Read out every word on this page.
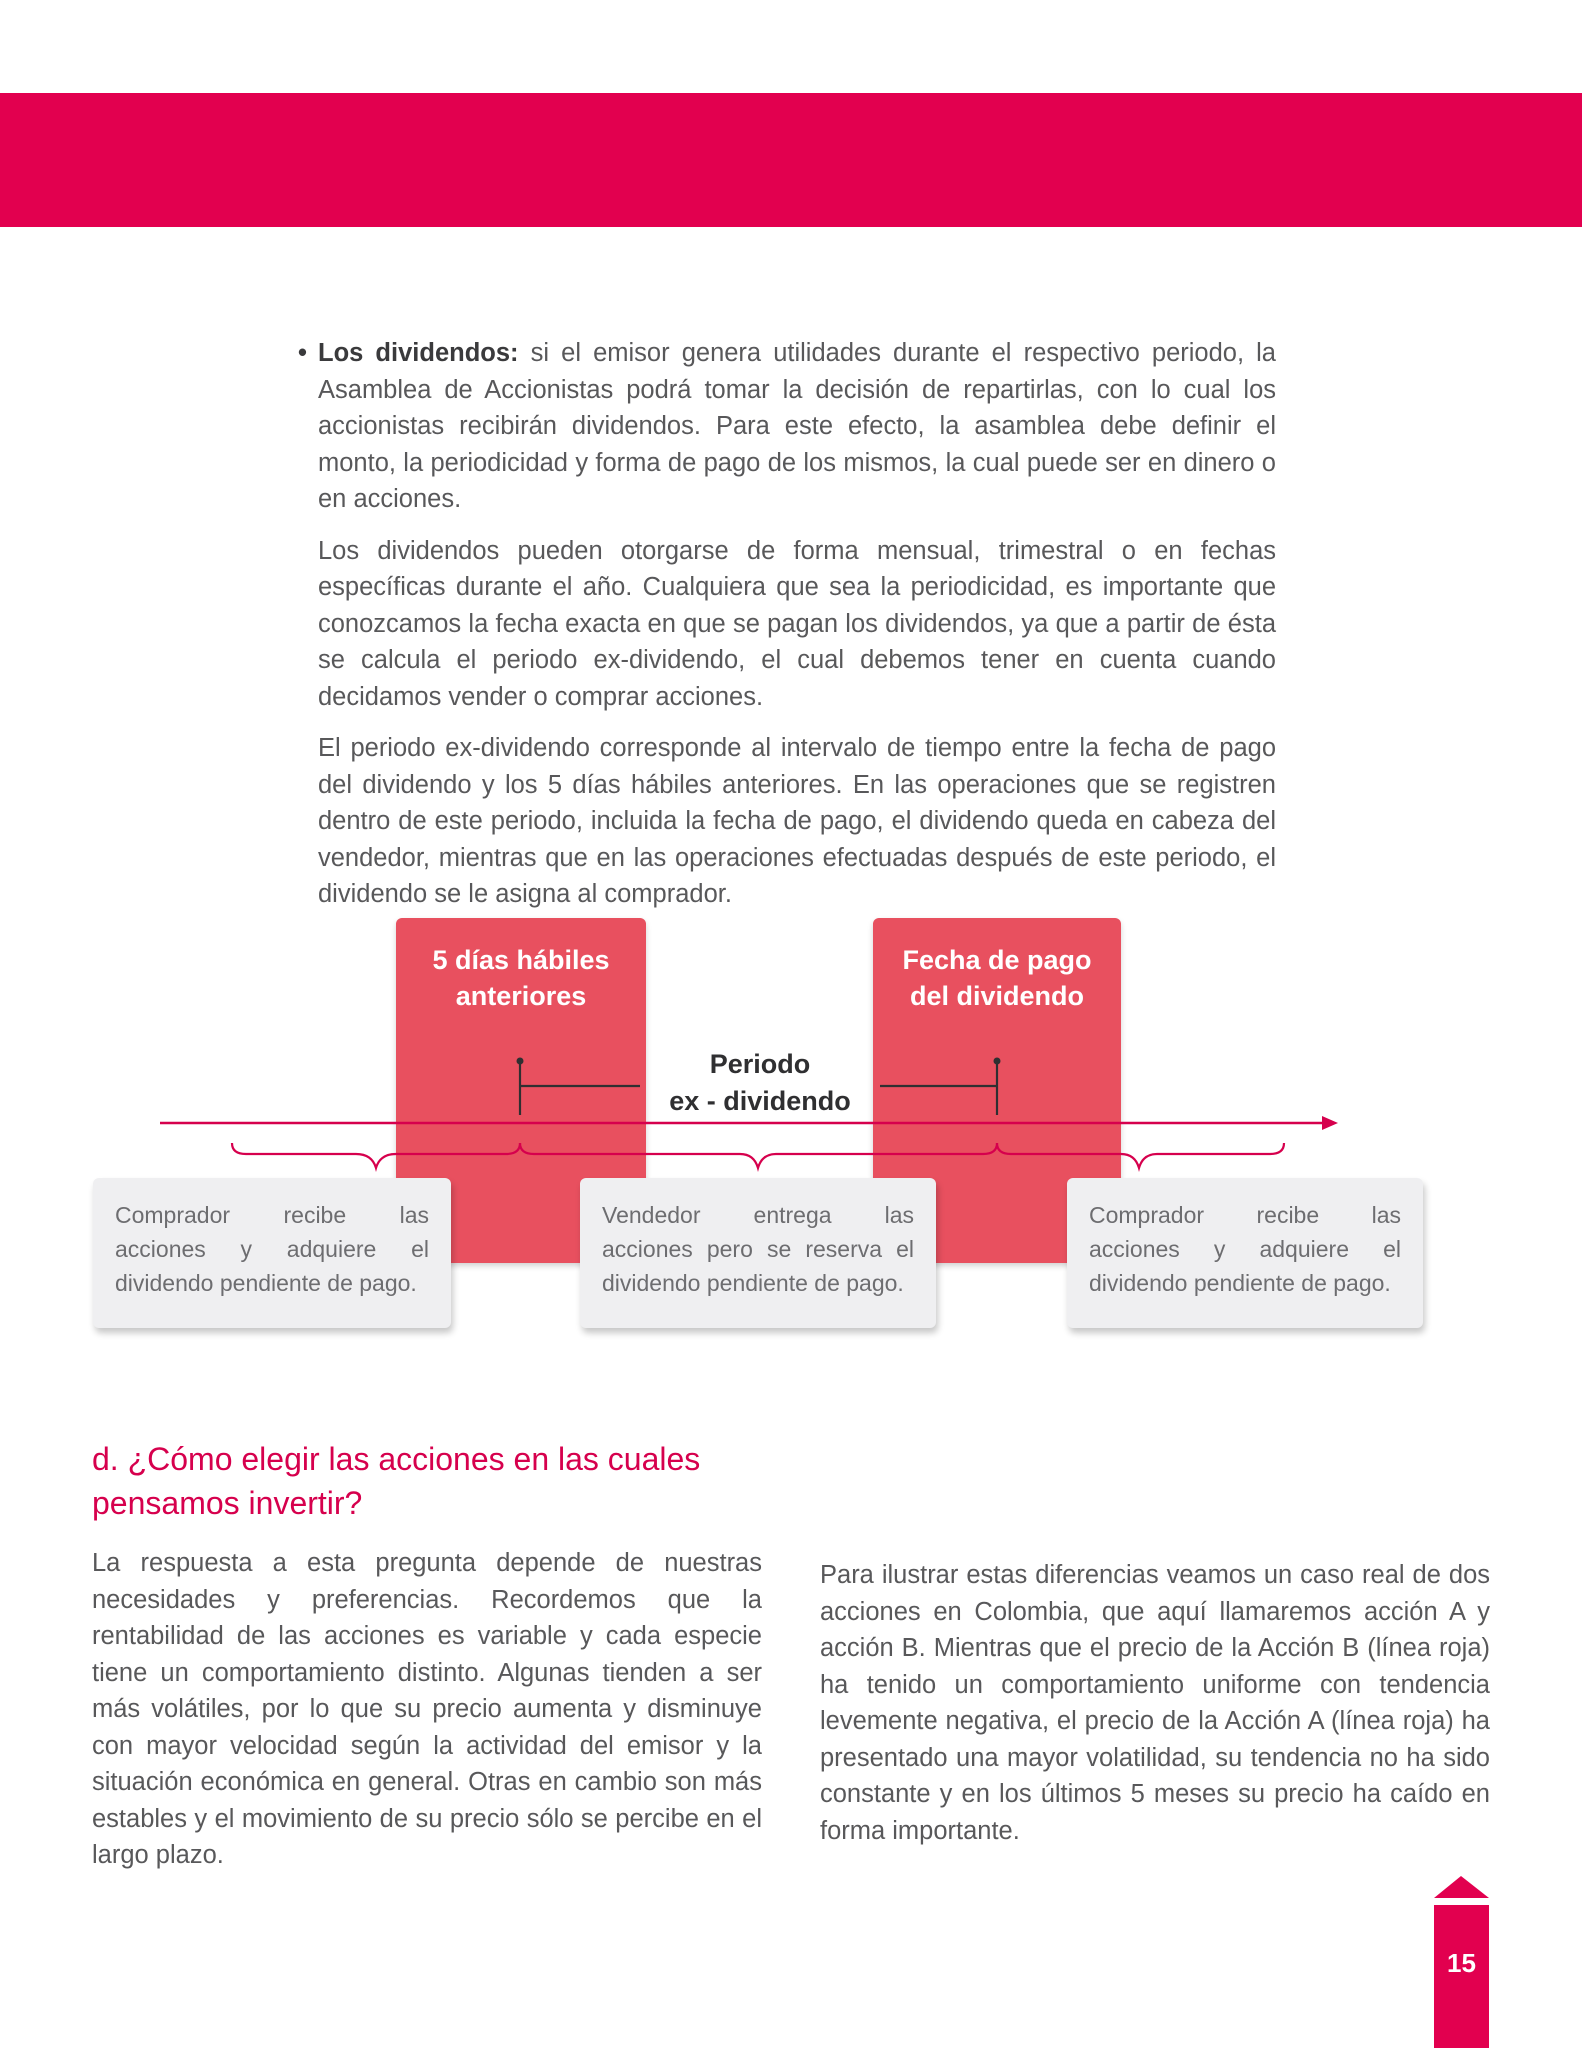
• Los dividendos: si el emisor genera utilidades durante el respectivo periodo, la Asamblea de Accionistas podrá tomar la decisión de repartirlas, con lo cual los accionistas recibirán dividendos. Para este efecto, la asamblea debe definir el monto, la periodicidad y forma de pago de los mismos, la cual puede ser en dinero o en acciones.

Los dividendos pueden otorgarse de forma mensual, trimestral o en fechas específicas durante el año. Cualquiera que sea la periodicidad, es importante que conozcamos la fecha exacta en que se pagan los dividendos, ya que a partir de ésta se calcula el periodo ex-dividendo, el cual debemos tener en cuenta cuando decidamos vender o comprar acciones.

El periodo ex-dividendo corresponde al intervalo de tiempo entre la fecha de pago del dividendo y los 5 días hábiles anteriores. En las operaciones que se registren dentro de este periodo, incluida la fecha de pago, el dividendo queda en cabeza del vendedor, mientras que en las operaciones efectuadas después de este periodo, el dividendo se le asigna al comprador.

5 días hábiles
anteriores
Fecha de pago
del dividendo
Periodo
ex - dividendo
Comprador recibe las acciones y adquiere el dividendo pendiente de pago.
Vendedor entrega las acciones pero se reserva el dividendo pendiente de pago.
Comprador recibe las acciones y adquiere el dividendo pendiente de pago.
d. ¿Cómo elegir las acciones en las cuales
pensamos invertir?

La respuesta a esta pregunta depende de nuestras necesidades y preferencias. Recordemos que la rentabilidad de las acciones es variable y cada especie tiene un comportamiento distinto. Algunas tienden a ser más volátiles, por lo que su precio aumenta y disminuye con mayor velocidad según la actividad del emisor y la situación económica en general. Otras en cambio son más estables y el movimiento de su precio sólo se percibe en el largo plazo.

Para ilustrar estas diferencias veamos un caso real de dos acciones en Colombia, que aquí llamaremos acción A y acción B. Mientras que el precio de la Acción B (línea roja) ha tenido un comportamiento uniforme con tendencia levemente negativa, el precio de la Acción A (línea roja) ha presentado una mayor volatilidad, su tendencia no ha sido constante y en los últimos 5 meses su precio ha caído en forma importante.

15
